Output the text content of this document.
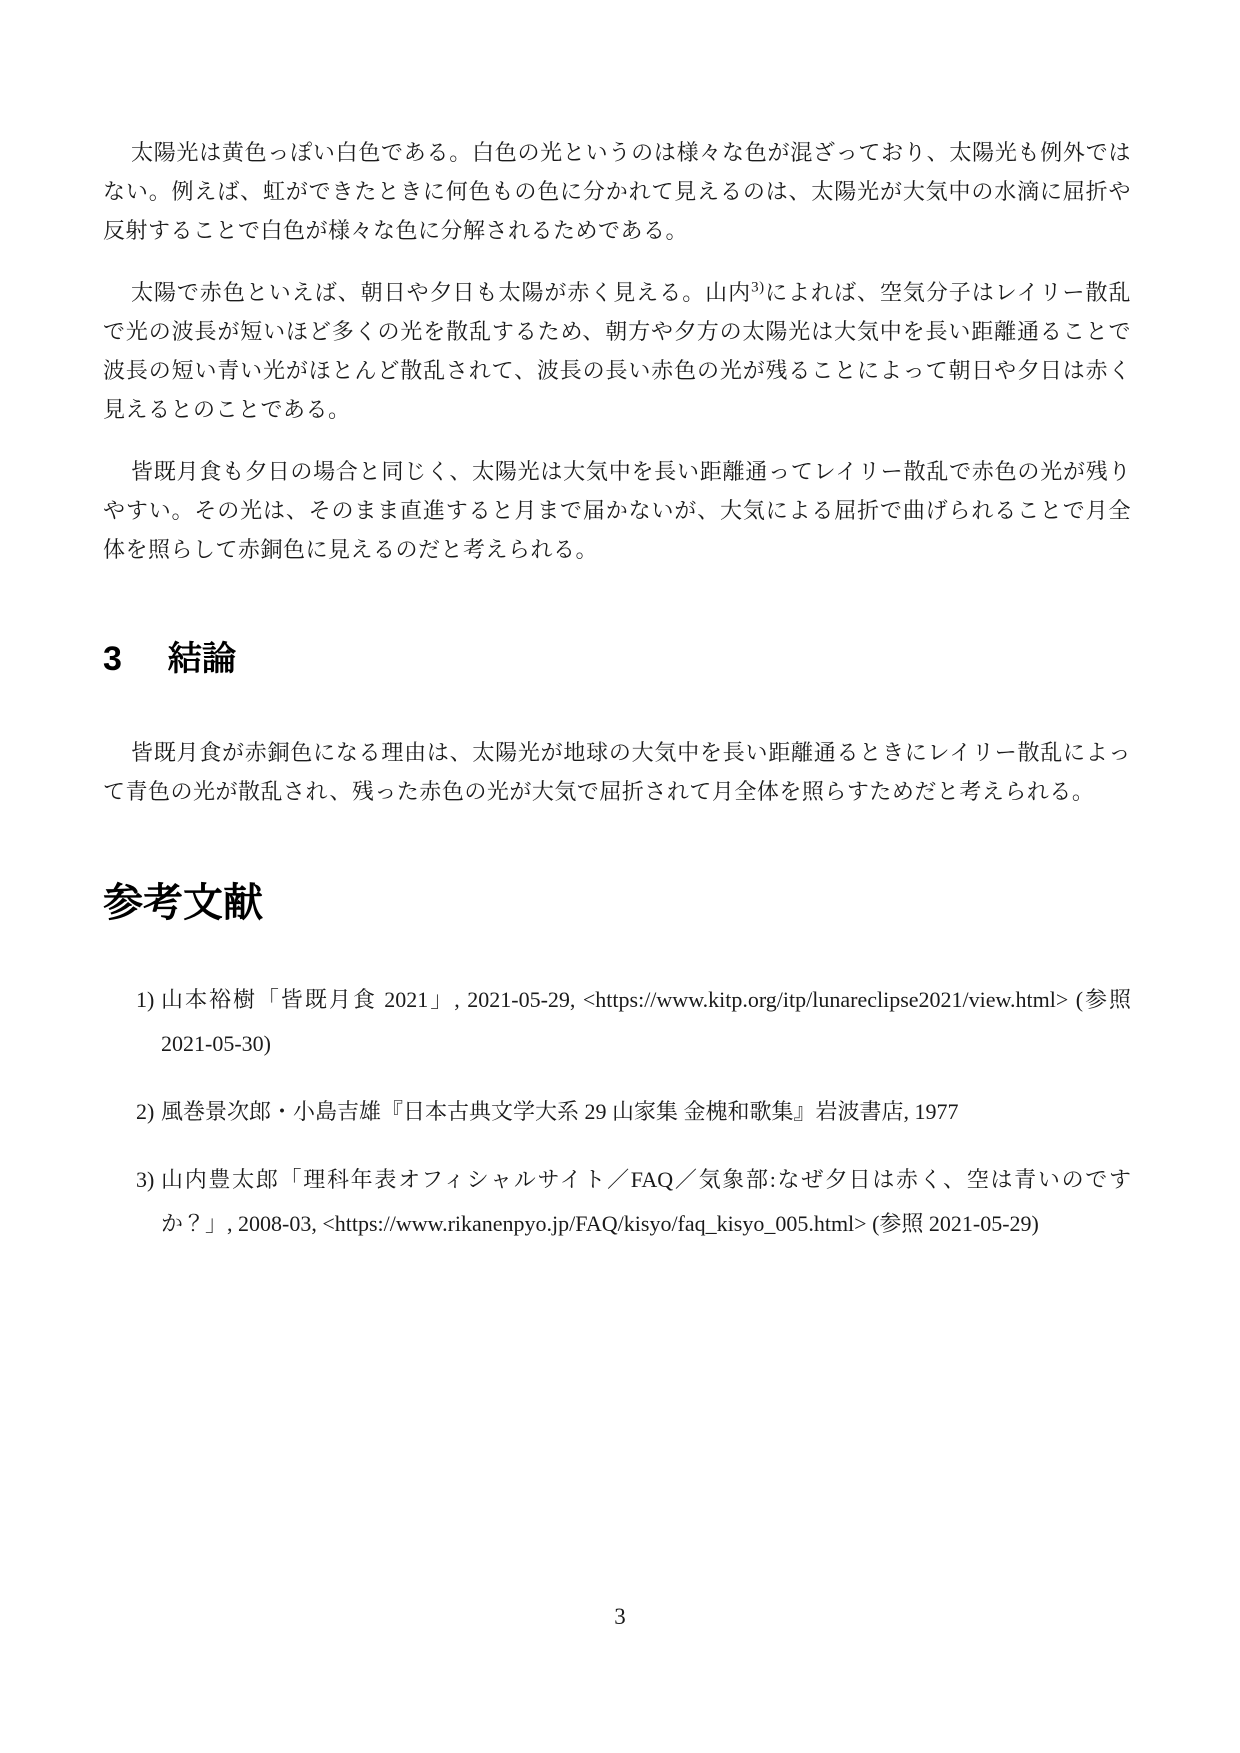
太陽光は黄色っぽい白色である。白色の光というのは様々な色が混ざっており、太陽光も例外ではない。例えば、虹ができたときに何色もの色に分かれて見えるのは、太陽光が大気中の水滴に屈折や反射することで白色が様々な色に分解されるためである。

太陽で赤色といえば、朝日や夕日も太陽が赤く見える。山内$^{3)}$によれば、空気分子はレイリー散乱で光の波長が短いほど多くの光を散乱するため、朝方や夕方の太陽光は大気中を長い距離通ることで波長の短い青い光がほとんど散乱されて、波長の長い赤色の光が残ることによって朝日や夕日は赤く見えるとのことである。

皆既月食も夕日の場合と同じく、太陽光は大気中を長い距離通ってレイリー散乱で赤色の光が残りやすい。その光は、そのまま直進すると月まで届かないが、大気による屈折で曲げられることで月全体を照らして赤銅色に見えるのだと考えられる。

3 結論

皆既月食が赤銅色になる理由は、太陽光が地球の大気中を長い距離通るときにレイリー散乱によって青色の光が散乱され、残った赤色の光が大気で屈折されて月全体を照らすためだと考えられる。

参考文献
1) 山本裕樹「皆既月食 2021」, 2021-05-29, <https://www.kitp.org/itp/lunareclipse2021/view.html> (参照 2021-05-30)
2) 風巻景次郎・小島吉雄『日本古典文学大系 29 山家集 金槐和歌集』岩波書店, 1977
3) 山内豊太郎「理科年表オフィシャルサイト／FAQ／気象部:なぜ夕日は赤く、空は青いのですか？」, 2008-03, <https://www.rikanenpyo.jp/FAQ/kisyo/faq_kisyo_005.html> (参照 2021-05-29)
3
